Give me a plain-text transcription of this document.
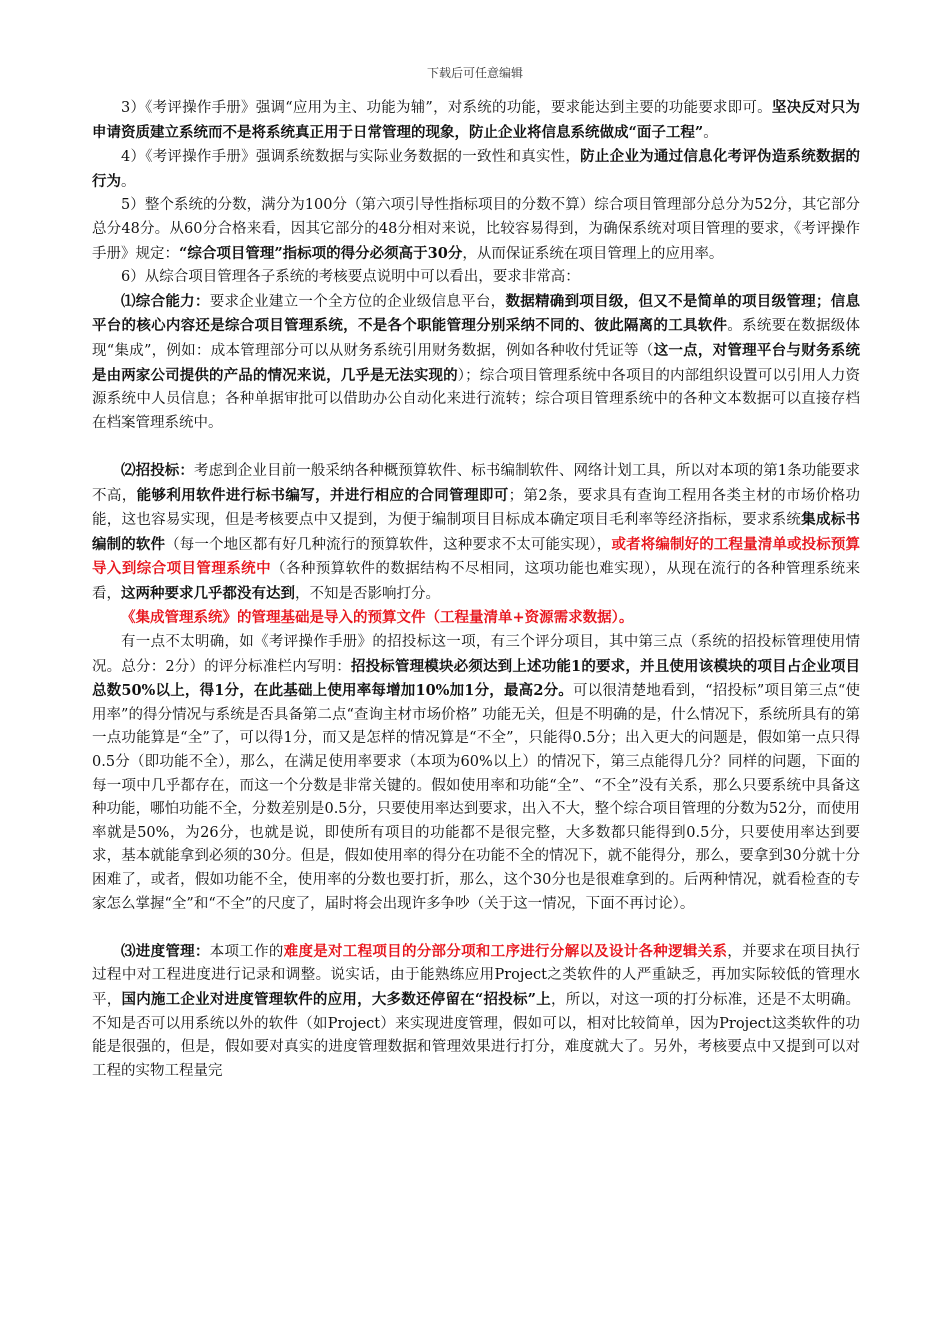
下载后可任意编辑

3）《考评操作手册》强调“应用为主、功能为辅”，对系统的功能，要求能达到主要的功能要求即可。坚决反对只为申请资质建立系统而不是将系统真正用于日常管理的现象，防止企业将信息系统做成“面子工程”。

4）《考评操作手册》强调系统数据与实际业务数据的一致性和真实性，防止企业为通过信息化考评伪造系统数据的行为。

5）整个系统的分数，满分为100分（第六项引导性指标项目的分数不算）综合项目管理部分总分为52分，其它部分总分48分。从60分合格来看，因其它部分的48分相对来说，比较容易得到，为确保系统对项目管理的要求，《考评操作手册》规定：“综合项目管理”指标项的得分必须高于30分，从而保证系统在项目管理上的应用率。

6）从综合项目管理各子系统的考核要点说明中可以看出，要求非常高：

⑴综合能力：要求企业建立一个全方位的企业级信息平台，数据精确到项目级，但又不是简单的项目级管理；信息平台的核心内容还是综合项目管理系统，不是各个职能管理分别采纳不同的、彼此隔离的工具软件。系统要在数据级体现“集成”，例如：成本管理部分可以从财务系统引用财务数据，例如各种收付凭证等（这一点，对管理平台与财务系统是由两家公司提供的产品的情况来说，几乎是无法实现的）；综合项目管理系统中各项目的内部组织设置可以引用人力资源系统中人员信息；各种单据审批可以借助办公自动化来进行流转；综合项目管理系统中的各种文本数据可以直接存档在档案管理系统中。

⑵招投标：考虑到企业目前一般采纳各种概预算软件、标书编制软件、网络计划工具，所以对本项的第1条功能要求不高，能够利用软件进行标书编写，并进行相应的合同管理即可；第2条，要求具有查询工程用各类主材的市场价格功能，这也容易实现，但是考核要点中又提到，为便于编制项目目标成本确定项目毛利率等经济指标，要求系统集成标书编制的软件（每一个地区都有好几种流行的预算软件，这种要求不太可能实现），或者将编制好的工程量清单或投标预算导入到综合项目管理系统中（各种预算软件的数据结构不尽相同，这项功能也难实现），从现在流行的各种管理系统来看，这两种要求几乎都没有达到，不知是否影响打分。

《集成管理系统》的管理基础是导入的预算文件（工程量清单+资源需求数据）。

有一点不太明确，如《考评操作手册》的招投标这一项，有三个评分项目，其中第三点（系统的招投标管理使用情况。总分：2分）的评分标准栏内写明：招投标管理模块必须达到上述功能1的要求，并且使用该模块的项目占企业项目总数50%以上，得1分，在此基础上使用率每增加10%加1分，最高2分。可以很清楚地看到，“招投标”项目第三点“使用率”的得分情况与系统是否具备第二点“查询主材市场价格” 功能无关，但是不明确的是，什么情况下，系统所具有的第一点功能算是“全”了，可以得1分，而又是怎样的情况算是“不全”，只能得0.5分；出入更大的问题是，假如第一点只得0.5分（即功能不全），那么，在满足使用率要求（本项为60%以上）的情况下，第三点能得几分？同样的问题，下面的每一项中几乎都存在，而这一个分数是非常关键的。假如使用率和功能“全”、“不全”没有关系，那么只要系统中具备这种功能，哪怕功能不全，分数差别是0.5分，只要使用率达到要求，出入不大，整个综合项目管理的分数为52分，而使用率就是50%，为26分，也就是说，即使所有项目的功能都不是很完整，大多数都只能得到0.5分，只要使用率达到要求，基本就能拿到必须的30分。但是，假如使用率的得分在功能不全的情况下，就不能得分，那么，要拿到30分就十分困难了，或者，假如功能不全，使用率的分数也要打折，那么，这个30分也是很难拿到的。后两种情况，就看检查的专家怎么掌握“全”和“不全”的尺度了，届时将会出现许多争吵（关于这一情况，下面不再讨论）。

⑶进度管理：本项工作的难度是对工程项目的分部分项和工序进行分解以及设计各种逻辑关系，并要求在项目执行过程中对工程进度进行记录和调整。说实话，由于能熟练应用Project之类软件的人严重缺乏，再加实际较低的管理水平，国内施工企业对进度管理软件的应用，大多数还停留在“招投标”上，所以，对这一项的打分标准，还是不太明确。不知是否可以用系统以外的软件（如Project）来实现进度管理，假如可以，相对比较简单，因为Project这类软件的功能是很强的，但是，假如要对真实的进度管理数据和管理效果进行打分，难度就大了。另外，考核要点中又提到可以对工程的实物工程量完
